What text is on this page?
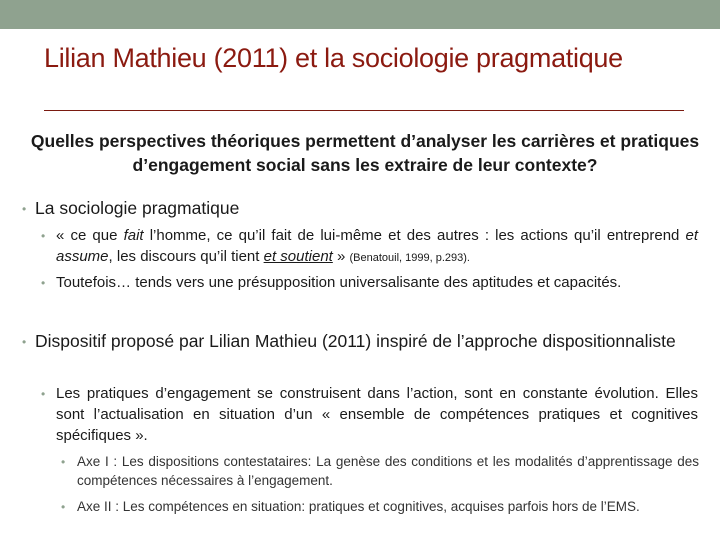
Lilian Mathieu (2011) et la sociologie pragmatique
Quelles perspectives théoriques permettent d’analyser les carrières et pratiques d’engagement social sans les extraire de leur contexte?
• La sociologie pragmatique
• « ce que fait l’homme, ce qu’il fait de lui-même et des autres : les actions qu’il entreprend et assume, les discours qu’il tient et soutient » (Benatouil, 1999, p.293).
• Toutefois… tends vers une présupposition universalisante des aptitudes et capacités.
• Dispositif proposé par Lilian Mathieu (2011) inspiré de l’approche dispositionnaliste
• Les pratiques d’engagement se construisent dans l’action, sont en constante évolution. Elles sont l’actualisation en situation d’un « ensemble de compétences pratiques et cognitives spécifiques ».
• Axe I : Les dispositions contestataires: La genèse des conditions et les modalités d’apprentissage des compétences nécessaires à l’engagement.
• Axe II : Les compétences en situation: pratiques et cognitives, acquises parfois hors de l’EMS.
